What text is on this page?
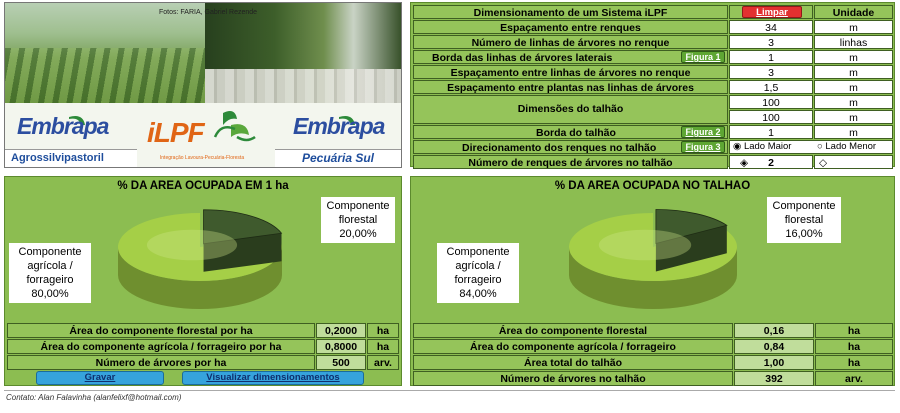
Fotos: FARIA, Gabriel Rezende
Embrapa
Agrossilvipastoril
iLPF
Integração Lavoura-Pecuária-Floresta
Embrapa
Pecuária Sul
Dimensionamento de um Sistema iLPF	Limpar	Unidade
Espaçamento entre renques	34	m
Número de linhas de árvores no renque	3	linhas
Borda das linhas de árvores laterais	Figura 1	1	m
Espaçamento entre linhas de árvores no renque	3	m
Espaçamento entre plantas nas linhas de árvores	1,5	m
Dimensões do talhão	100	m
100	m
Borda do talhão	Figura 2	1	m
Direcionamento dos renques no talhão	Figura 3	◉ Lado Maior	○ Lado Menor
Número de renques de árvores no talhão	◈ 2	◇
% DA AREA OCUPADA EM 1 ha
Componente
florestal
20,00%
Componente
agrícola /
forrageiro
80,00%
Área do componente florestal por ha	0,2000	ha
Área do componente agrícola / forrageiro por ha	0,8000	ha
Número de árvores por ha	500	arv.
Gravar	Visualizar dimensionamentos
% DA AREA OCUPADA NO TALHAO
Componente
florestal
16,00%
Componente
agrícola /
forrageiro
84,00%
Área do componente florestal	0,16	ha
Área do componente agrícola / forrageiro	0,84	ha
Área total do talhão	1,00	ha
Número de árvores no talhão	392	arv.
Contato: Alan Falavinha (alanfelixf@hotmail.com)
